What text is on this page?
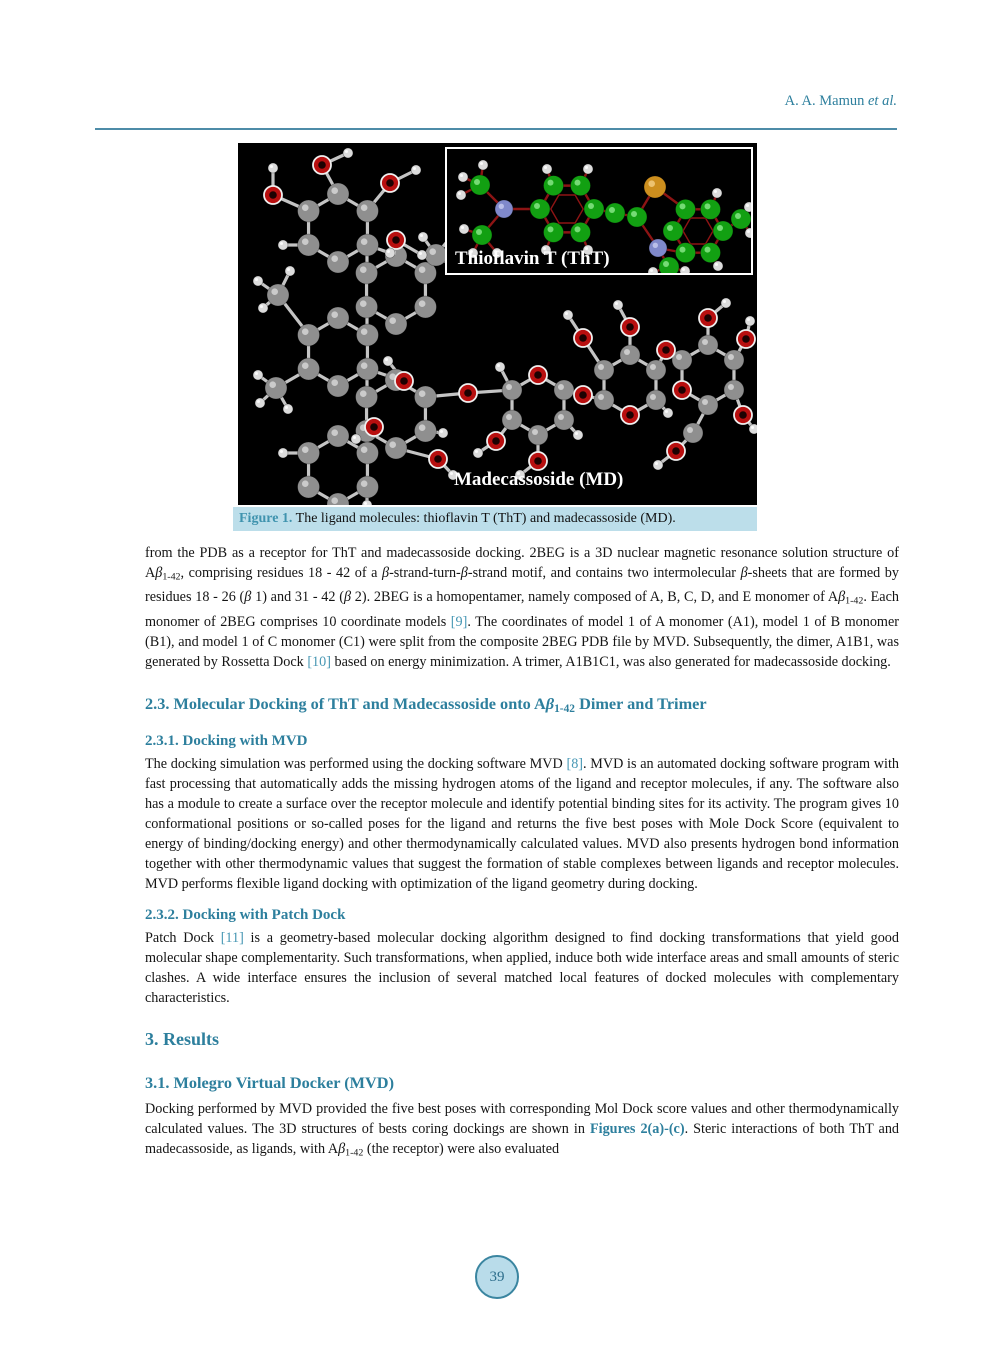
A. A. Mamun et al.
Thioflavin T (ThT)
Madecassoside (MD)
Figure 1. The ligand molecules: thioflavin T (ThT) and madecassoside (MD).

from the PDB as a receptor for ThT and madecassoside docking. 2BEG is a 3D nuclear magnetic resonance solution structure of Aβ1-42, comprising residues 18 - 42 of a β-strand-turn-β-strand motif, and contains two intermolecular β-sheets that are formed by residues 18 - 26 (β 1) and 31 - 42 (β 2). 2BEG is a homopentamer, namely composed of A, B, C, D, and E monomer of Aβ1-42. Each monomer of 2BEG comprises 10 coordinate models [9]. The coordinates of model 1 of A monomer (A1), model 1 of B monomer (B1), and model 1 of C monomer (C1) were split from the composite 2BEG PDB file by MVD. Subsequently, the dimer, A1B1, was generated by Rossetta Dock [10] based on energy minimization. A trimer, A1B1C1, was also generated for madecassoside docking.

2.3. Molecular Docking of ThT and Madecassoside onto Aβ1-42 Dimer and Trimer
2.3.1. Docking with MVD

The docking simulation was performed using the docking software MVD [8]. MVD is an automated docking software program with fast processing that automatically adds the missing hydrogen atoms of the ligand and receptor molecules, if any. The software also has a module to create a surface over the receptor molecule and identify potential binding sites for its activity. The program gives 10 conformational positions or so-called poses for the ligand and returns the five best poses with Mole Dock Score (equivalent to energy of binding/docking energy) and other thermodynamically calculated values. MVD also presents hydrogen bond information together with other thermodynamic values that suggest the formation of stable complexes between ligands and receptor molecules. MVD performs flexible ligand docking with optimization of the ligand geometry during docking.

2.3.2. Docking with Patch Dock

Patch Dock [11] is a geometry-based molecular docking algorithm designed to find docking transformations that yield good molecular shape complementarity. Such transformations, when applied, induce both wide interface areas and small amounts of steric clashes. A wide interface ensures the inclusion of several matched local features of docked molecules with complementary characteristics.

3. Results
3.1. Molegro Virtual Docker (MVD)

Docking performed by MVD provided the five best poses with corresponding Mol Dock score values and other thermodynamically calculated values. The 3D structures of bests coring dockings are shown in Figures 2(a)-(c). Steric interactions of both ThT and madecassoside, as ligands, with Aβ1-42 (the receptor) were also evaluated

39
